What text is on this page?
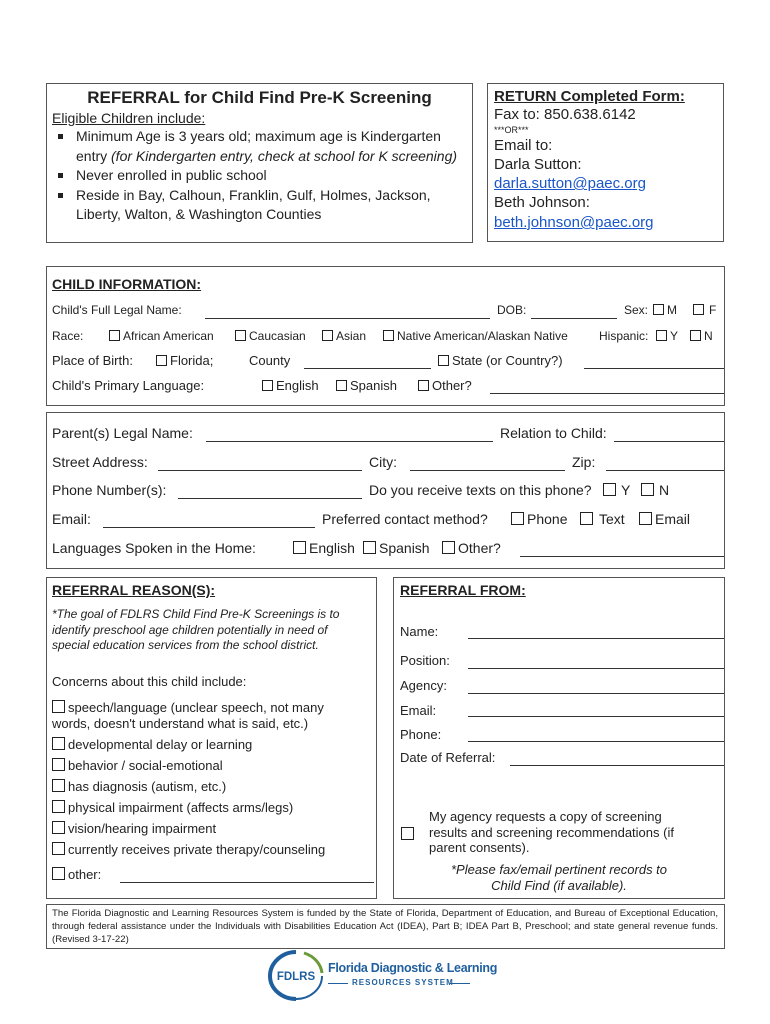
REFERRAL for Child Find Pre-K Screening
Eligible Children include:
Minimum Age is 3 years old; maximum age is Kindergarten entry (for Kindergarten entry, check at school for K screening)
Never enrolled in public school
Reside in Bay, Calhoun, Franklin, Gulf, Holmes, Jackson, Liberty, Walton, & Washington Counties
RETURN Completed Form:
Fax to: 850.638.6142
***OR***
Email to:
Darla Sutton:
darla.sutton@paec.org
Beth Johnson:
beth.johnson@paec.org
CHILD INFORMATION:
Child's Full Legal Name:	DOB:	Sex:	M	F
Race:	African American	Caucasian	Asian	Native American/Alaskan Native	Hispanic:	Y	N
Place of Birth:	Florida;	County	State (or Country?)
Child's Primary Language:	English	Spanish	Other?
Parent(s) Legal Name:	Relation to Child:
Street Address:	City:	Zip:
Phone Number(s):	Do you receive texts on this phone?	Y	N
Email:	Preferred contact method?	Phone	Text	Email
Languages Spoken in the Home:	English	Spanish	Other?
REFERRAL REASON(S):
*The goal of FDLRS Child Find Pre-K Screenings is to identify preschool age children potentially in need of special education services from the school district.
Concerns about this child include:
speech/language (unclear speech, not many
words, doesn't understand what is said, etc.)
developmental delay or learning
behavior / social-emotional
has diagnosis (autism, etc.)
physical impairment (affects arms/legs)
vision/hearing impairment
currently receives private therapy/counseling
other:
REFERRAL FROM:
Name:
Position:
Agency:
Email:
Phone:
Date of Referral:
My agency requests a copy of screening results and screening recommendations (if parent consents).
*Please fax/email pertinent records to Child Find (if available).
The Florida Diagnostic and Learning Resources System is funded by the State of Florida, Department of Education, and Bureau of Exceptional Education, through federal assistance under the Individuals with Disabilities Education Act (IDEA), Part B; IDEA Part B, Preschool; and state general revenue funds. (Revised 3-17-22)
FDLRS
Florida Diagnostic & Learning
RESOURCES SYSTEM
